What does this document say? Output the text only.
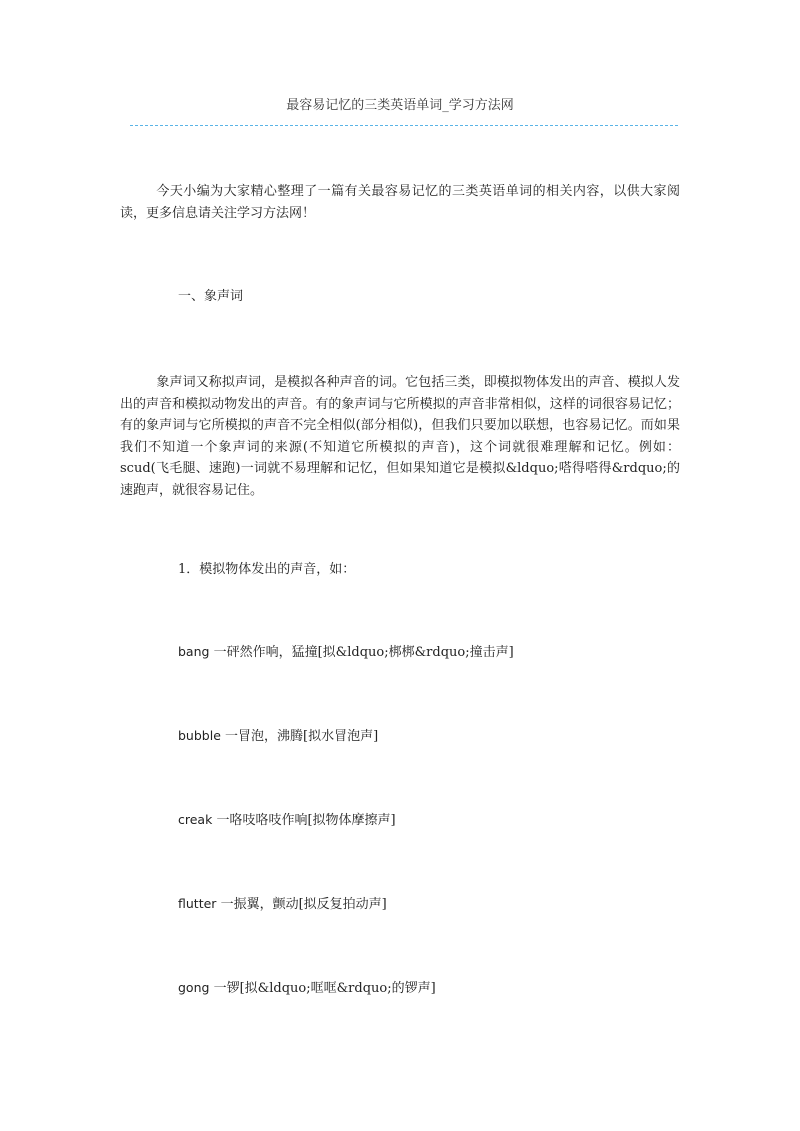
最容易记忆的三类英语单词_学习方法网

今天小编为大家精心整理了一篇有关最容易记忆的三类英语单词的相关内容，以供大家阅读，更多信息请关注学习方法网！

一、象声词

象声词又称拟声词，是模拟各种声音的词。它包括三类，即模拟物体发出的声音、模拟人发出的声音和模拟动物发出的声音。有的象声词与它所模拟的声音非常相似，这样的词很容易记忆；有的象声词与它所模拟的声音不完全相似(部分相似)，但我们只要加以联想，也容易记忆。而如果我们不知道一个象声词的来源(不知道它所模拟的声音)，这个词就很难理解和记忆。例如：scud(飞毛腿、速跑)一词就不易理解和记忆，但如果知道它是模拟&ldquo;嗒得嗒得&rdquo;的速跑声，就很容易记住。

1．模拟物体发出的声音，如：
bang 一砰然作响，猛撞[拟&ldquo;梆梆&rdquo;撞击声]
bubble 一冒泡，沸腾[拟水冒泡声]
creak 一咯吱咯吱作响[拟物体摩擦声]
flutter 一振翼，颤动[拟反复拍动声]
gong 一锣[拟&ldquo;哐哐&rdquo;的锣声]
